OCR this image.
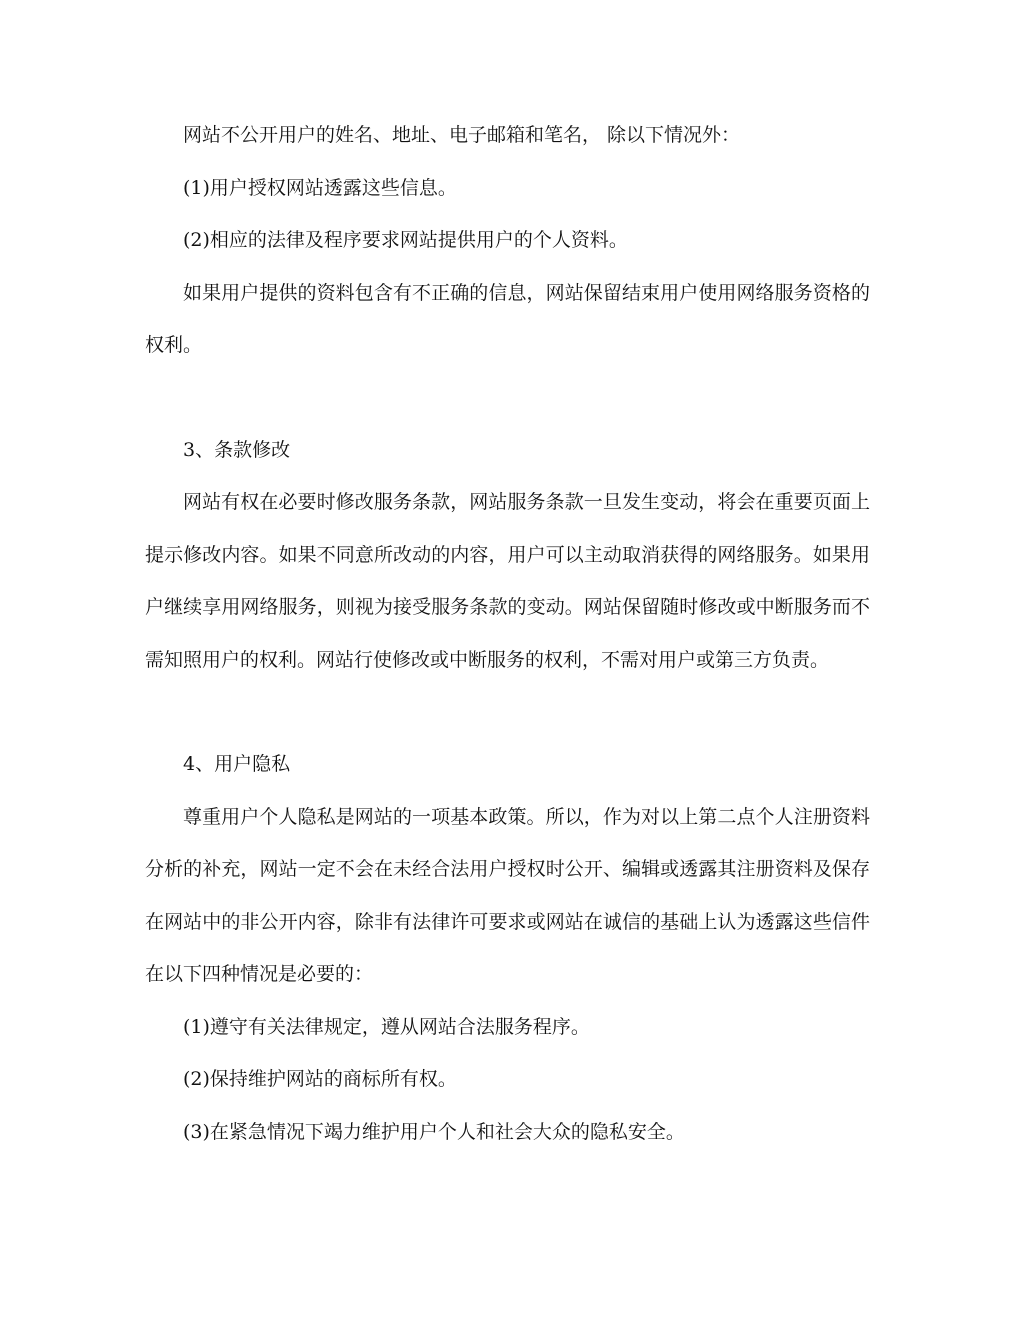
网站不公开用户的姓名、地址、电子邮箱和笔名， 除以下情况外：

(1)用户授权网站透露这些信息。

(2)相应的法律及程序要求网站提供用户的个人资料。

如果用户提供的资料包含有不正确的信息，网站保留结束用户使用网络服务资格的权利。

3、条款修改

网站有权在必要时修改服务条款，网站服务条款一旦发生变动，将会在重要页面上提示修改内容。如果不同意所改动的内容，用户可以主动取消获得的网络服务。如果用户继续享用网络服务，则视为接受服务条款的变动。网站保留随时修改或中断服务而不需知照用户的权利。网站行使修改或中断服务的权利，不需对用户或第三方负责。

4、用户隐私

尊重用户个人隐私是网站的一项基本政策。所以，作为对以上第二点个人注册资料分析的补充，网站一定不会在未经合法用户授权时公开、编辑或透露其注册资料及保存在网站中的非公开内容，除非有法律许可要求或网站在诚信的基础上认为透露这些信件在以下四种情况是必要的：

(1)遵守有关法律规定，遵从网站合法服务程序。

(2)保持维护网站的商标所有权。

(3)在紧急情况下竭力维护用户个人和社会大众的隐私安全。
